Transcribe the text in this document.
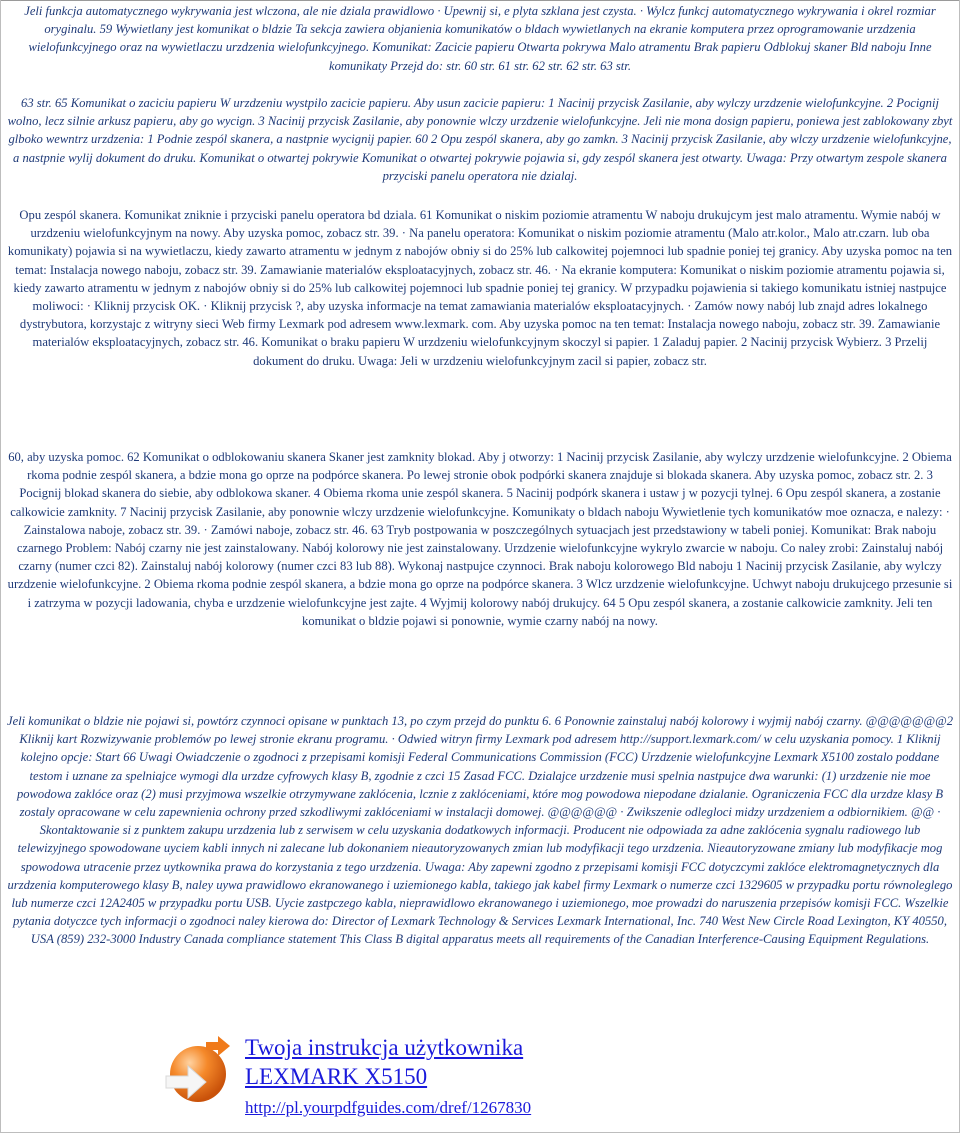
Jeli funkcja automatycznego wykrywania jest wlczona, ale nie dziala prawidlowo · Upewnij si, e plyta szklana jest czysta. · Wylcz funkcj automatycznego wykrywania i okrel rozmiar oryginalu. 59 Wywietlany jest komunikat o bldzie Ta sekcja zawiera objanienia komunikatów o bldach wywietlanych na ekranie komputera przez oprogramowanie urzdzenia wielofunkcyjnego oraz na wywietlaczu urzdzenia wielofunkcyjnego. Komunikat: Zacicie papieru Otwarta pokrywa Malo atramentu Brak papieru Odblokuj skaner Bld naboju Inne komunikaty Przejd do: str. 60 str. 61 str. 62 str. 62 str. 63 str.

63 str. 65 Komunikat o zaciciu papieru W urzdzeniu wystpilo zacicie papieru. Aby usun zacicie papieru: 1 Nacinij przycisk Zasilanie, aby wylczy urzdzenie wielofunkcyjne. 2 Pocignij wolno, lecz silnie arkusz papieru, aby go wycign. 3 Nacinij przycisk Zasilanie, aby ponownie wlczy urzdzenie wielofunkcyjne. Jeli nie mona dosign papieru, poniewa jest zablokowany zbyt glboko wewntrz urzdzenia: 1 Podnie zespól skanera, a nastpnie wycignij papier. 60 2 Opu zespól skanera, aby go zamkn. 3 Nacinij przycisk Zasilanie, aby wlczy urzdzenie wielofunkcyjne, a nastpnie wylij dokument do druku. Komunikat o otwartej pokrywie Komunikat o otwartej pokrywie pojawia si, gdy zespól skanera jest otwarty. Uwaga: Przy otwartym zespole skanera przyciski panelu operatora nie dzialaj.

Opu zespól skanera. Komunikat zniknie i przyciski panelu operatora bd dziala. 61 Komunikat o niskim poziomie atramentu W naboju drukujcym jest malo atramentu. Wymie nabój w urzdzeniu wielofunkcyjnym na nowy. Aby uzyska pomoc, zobacz str. 39. · Na panelu operatora: Komunikat o niskim poziomie atramentu (Malo atr.kolor., Malo atr.czarn. lub oba komunikaty) pojawia si na wywietlaczu, kiedy zawarto atramentu w jednym z nabojów obniy si do 25% lub calkowitej pojemnoci lub spadnie poniej tej granicy. Aby uzyska pomoc na ten temat: Instalacja nowego naboju, zobacz str. 39. Zamawianie materialów eksploatacyjnych, zobacz str. 46. · Na ekranie komputera: Komunikat o niskim poziomie atramentu pojawia si, kiedy zawarto atramentu w jednym z nabojów obniy si do 25% lub calkowitej pojemnoci lub spadnie poniej tej granicy. W przypadku pojawienia si takiego komunikatu istniej nastpujce moliwoci: · Kliknij przycisk OK. · Kliknij przycisk ?, aby uzyska informacje na temat zamawiania materialów eksploatacyjnych. · Zamów nowy nabój lub znajd adres lokalnego dystrybutora, korzystajc z witryny sieci Web firmy Lexmark pod adresem www.lexmark. com. Aby uzyska pomoc na ten temat: Instalacja nowego naboju, zobacz str. 39. Zamawianie materialów eksploatacyjnych, zobacz str. 46. Komunikat o braku papieru W urzdzeniu wielofunkcyjnym skoczyl si papier. 1 Zaladuj papier. 2 Nacinij przycisk Wybierz. 3 Przelij dokument do druku. Uwaga: Jeli w urzdzeniu wielofunkcyjnym zacil si papier, zobacz str.

60, aby uzyska pomoc. 62 Komunikat o odblokowaniu skanera Skaner jest zamknity blokad. Aby j otworzy: 1 Nacinij przycisk Zasilanie, aby wylczy urzdzenie wielofunkcyjne. 2 Obiema rkoma podnie zespól skanera, a bdzie mona go oprze na podpórce skanera. Po lewej stronie obok podpórki skanera znajduje si blokada skanera. Aby uzyska pomoc, zobacz str. 2. 3 Pocignij blokad skanera do siebie, aby odblokowa skaner. 4 Obiema rkoma unie zespól skanera. 5 Nacinij podpórk skanera i ustaw j w pozycji tylnej. 6 Opu zespól skanera, a zostanie calkowicie zamknity. 7 Nacinij przycisk Zasilanie, aby ponownie wlczy urzdzenie wielofunkcyjne. Komunikaty o bldach naboju Wywietlenie tych komunikatów moe oznacza, e nalezy: · Zainstalowa naboje, zobacz str. 39. · Zamówi naboje, zobacz str. 46. 63 Tryb postpowania w poszczególnych sytuacjach jest przedstawiony w tabeli poniej. Komunikat: Brak naboju czarnego Problem: Nabój czarny nie jest zainstalowany. Nabój kolorowy nie jest zainstalowany. Urzdzenie wielofunkcyjne wykrylo zwarcie w naboju. Co naley zrobi: Zainstaluj nabój czarny (numer czci 82). Zainstaluj nabój kolorowy (numer czci 83 lub 88). Wykonaj nastpujce czynnoci. Brak naboju kolorowego Bld naboju 1 Nacinij przycisk Zasilanie, aby wylczy urzdzenie wielofunkcyjne. 2 Obiema rkoma podnie zespól skanera, a bdzie mona go oprze na podpórce skanera. 3 Wlcz urzdzenie wielofunkcyjne. Uchwyt naboju drukujcego przesunie si i zatrzyma w pozycji ladowania, chyba e urzdzenie wielofunkcyjne jest zajte. 4 Wyjmij kolorowy nabój drukujcy. 64 5 Opu zespól skanera, a zostanie calkowicie zamknity. Jeli ten komunikat o bldzie pojawi si ponownie, wymie czarny nabój na nowy.

Jeli komunikat o bldzie nie pojawi si, powtórz czynnoci opisane w punktach 13, po czym przejd do punktu 6. 6 Ponownie zainstaluj nabój kolorowy i wyjmij nabój czarny. @@@@@@@2 Kliknij kart Rozwizywanie problemów po lewej stronie ekranu programu. · Odwied witryn firmy Lexmark pod adresem http://support.lexmark.com/ w celu uzyskania pomocy. 1 Kliknij kolejno opcje: Start 66 Uwagi Owiadczenie o zgodnoci z przepisami komisji Federal Communications Commission (FCC) Urzdzenie wielofunkcyjne Lexmark X5100 zostalo poddane testom i uznane za spelniajce wymogi dla urzdze cyfrowych klasy B, zgodnie z czci 15 Zasad FCC. Dzialajce urzdzenie musi spelnia nastpujce dwa warunki: (1) urzdzenie nie moe powodowa zaklóce oraz (2) musi przyjmowa wszelkie otrzymywane zaklócenia, lcznie z zaklóceniami, które mog powodowa niepodane dzialanie. Ograniczenia FCC dla urzdze klasy B zostaly opracowane w celu zapewnienia ochrony przed szkodliwymi zaklóceniami w instalacji domowej. @@@@@@ · Zwikszenie odlegloci midzy urzdzeniem a odbiornikiem. @@ · Skontaktowanie si z punktem zakupu urzdzenia lub z serwisem w celu uzyskania dodatkowych informacji. Producent nie odpowiada za adne zaklócenia sygnalu radiowego lub telewizyjnego spowodowane uyciem kabli innych ni zalecane lub dokonaniem nieautoryzowanych zmian lub modyfikacji tego urzdzenia. Nieautoryzowane zmiany lub modyfikacje mog spowodowa utracenie przez uytkownika prawa do korzystania z tego urzdzenia. Uwaga: Aby zapewni zgodno z przepisami komisji FCC dotyczcymi zaklóce elektromagnetycznych dla urzdzenia komputerowego klasy B, naley uywa prawidlowo ekranowanego i uziemionego kabla, takiego jak kabel firmy Lexmark o numerze czci 1329605 w przypadku portu równoleglego lub numerze czci 12A2405 w przypadku portu USB. Uycie zastpczego kabla, nieprawidlowo ekranowanego i uziemionego, moe prowadzi do naruszenia przepisów komisji FCC. Wszelkie pytania dotyczce tych informacji o zgodnoci naley kierowa do: Director of Lexmark Technology & Services Lexmark International, Inc. 740 West New Circle Road Lexington, KY 40550, USA (859) 232-3000 Industry Canada compliance statement This Class B digital apparatus meets all requirements of the Canadian Interference-Causing Equipment Regulations.

Twoja instrukcja użytkownika
LEXMARK X5150
http://pl.yourpdfguides.com/dref/1267830
